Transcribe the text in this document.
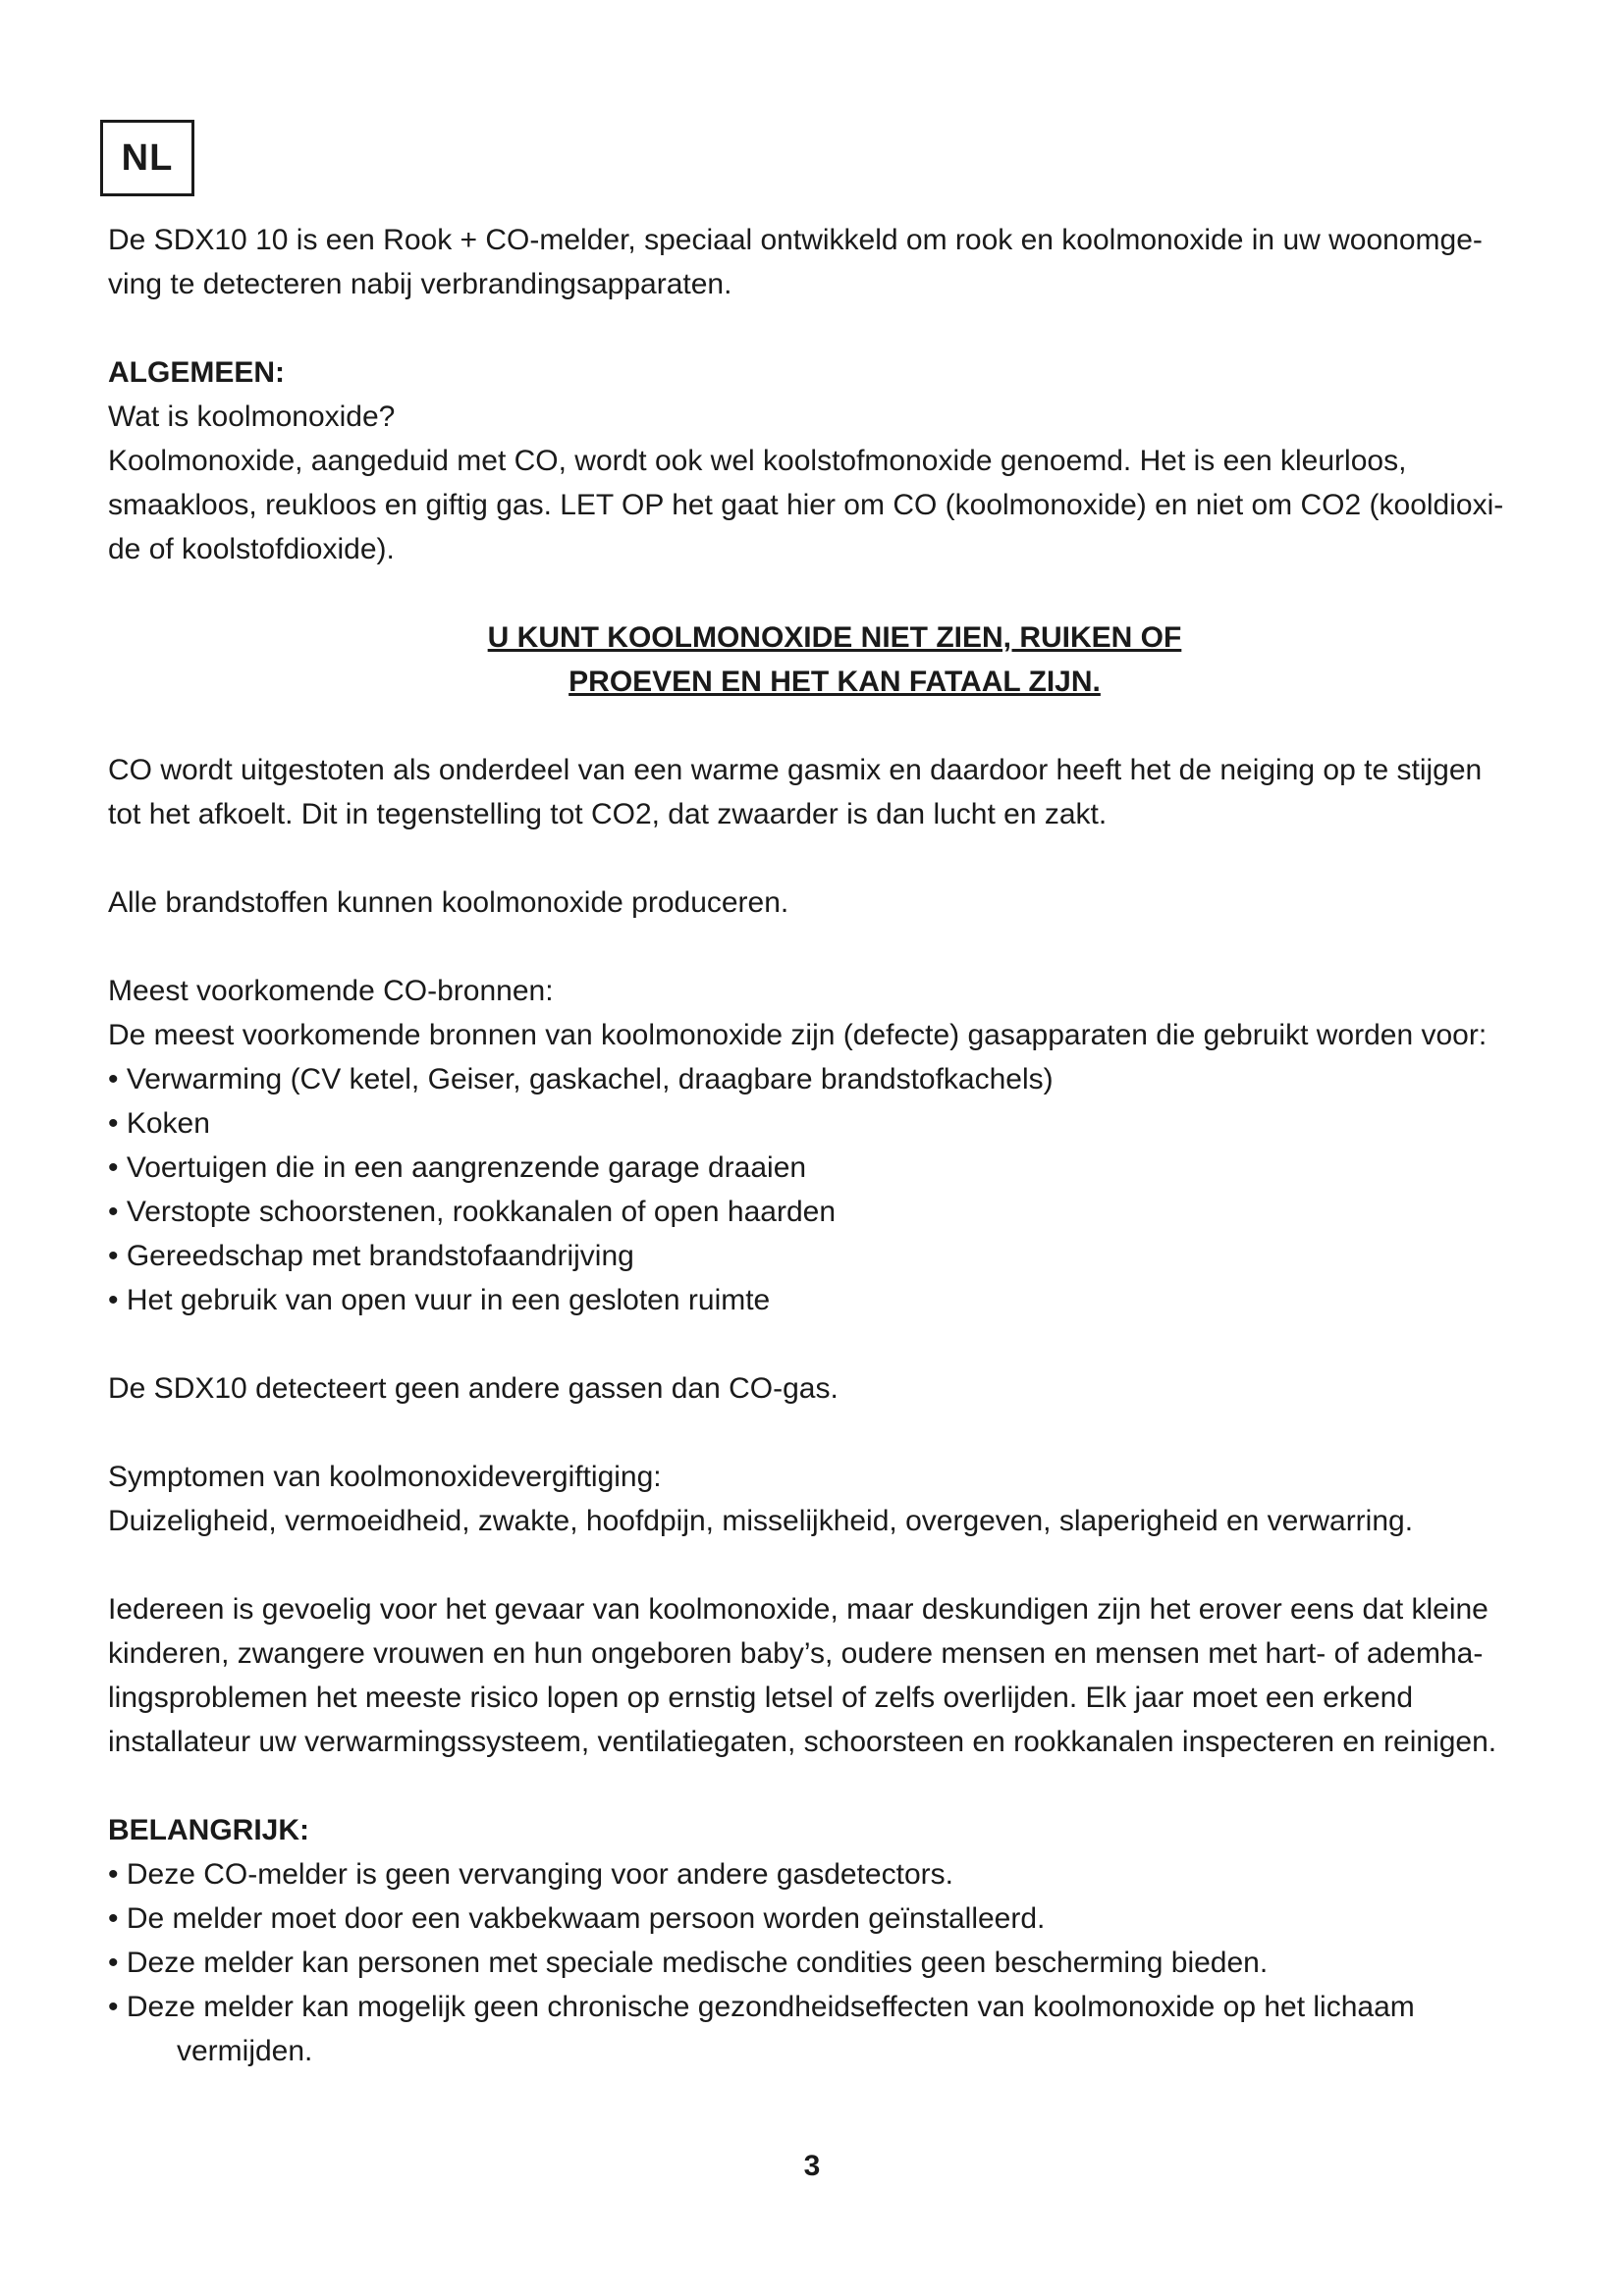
NL

De SDX10 10 is een Rook + CO-melder, speciaal ontwikkeld om rook en koolmonoxide in uw woonomge-

ving te detecteren nabij verbrandingsapparaten.

ALGEMEEN:

Wat is koolmonoxide?

Koolmonoxide, aangeduid met CO, wordt ook wel koolstofmonoxide genoemd. Het is een kleurloos,

smaakloos, reukloos en giftig gas. LET OP het gaat hier om CO (koolmonoxide) en niet om CO2 (kooldioxi-

de of koolstofdioxide).

U KUNT KOOLMONOXIDE NIET ZIEN, RUIKEN OF

PROEVEN EN HET KAN FATAAL ZIJN.

CO wordt uitgestoten als onderdeel van een warme gasmix en daardoor heeft het de neiging op te stijgen

tot het afkoelt. Dit in tegenstelling tot CO2, dat zwaarder is dan lucht en zakt.

Alle brandstoffen kunnen koolmonoxide produceren.

Meest voorkomende CO-bronnen:

De meest voorkomende bronnen van koolmonoxide zijn (defecte) gasapparaten die gebruikt worden voor:

• Verwarming (CV ketel, Geiser, gaskachel, draagbare brandstofkachels)
• Koken
• Voertuigen die in een aangrenzende garage draaien
• Verstopte schoorstenen, rookkanalen of open haarden
• Gereedschap met brandstofaandrijving
• Het gebruik van open vuur in een gesloten ruimte

De SDX10 detecteert geen andere gassen dan CO-gas.

Symptomen van koolmonoxidevergiftiging:

Duizeligheid, vermoeidheid, zwakte, hoofdpijn, misselijkheid, overgeven, slaperigheid en verwarring.

Iedereen is gevoelig voor het gevaar van koolmonoxide, maar deskundigen zijn het erover eens dat kleine

kinderen, zwangere vrouwen en hun ongeboren baby’s, oudere mensen en mensen met hart- of ademha-

lingsproblemen het meeste risico lopen op ernstig letsel of zelfs overlijden. Elk jaar moet een erkend

installateur uw verwarmingssysteem, ventilatiegaten, schoorsteen en rookkanalen inspecteren en reinigen.

BELANGRIJK:

• Deze CO-melder is geen vervanging voor andere gasdetectors.
• De melder moet door een vakbekwaam persoon worden geïnstalleerd.
• Deze melder kan personen met speciale medische condities geen bescherming bieden.
• Deze melder kan mogelijk geen chronische gezondheidseffecten van koolmonoxide op het lichaam
vermijden.
3
